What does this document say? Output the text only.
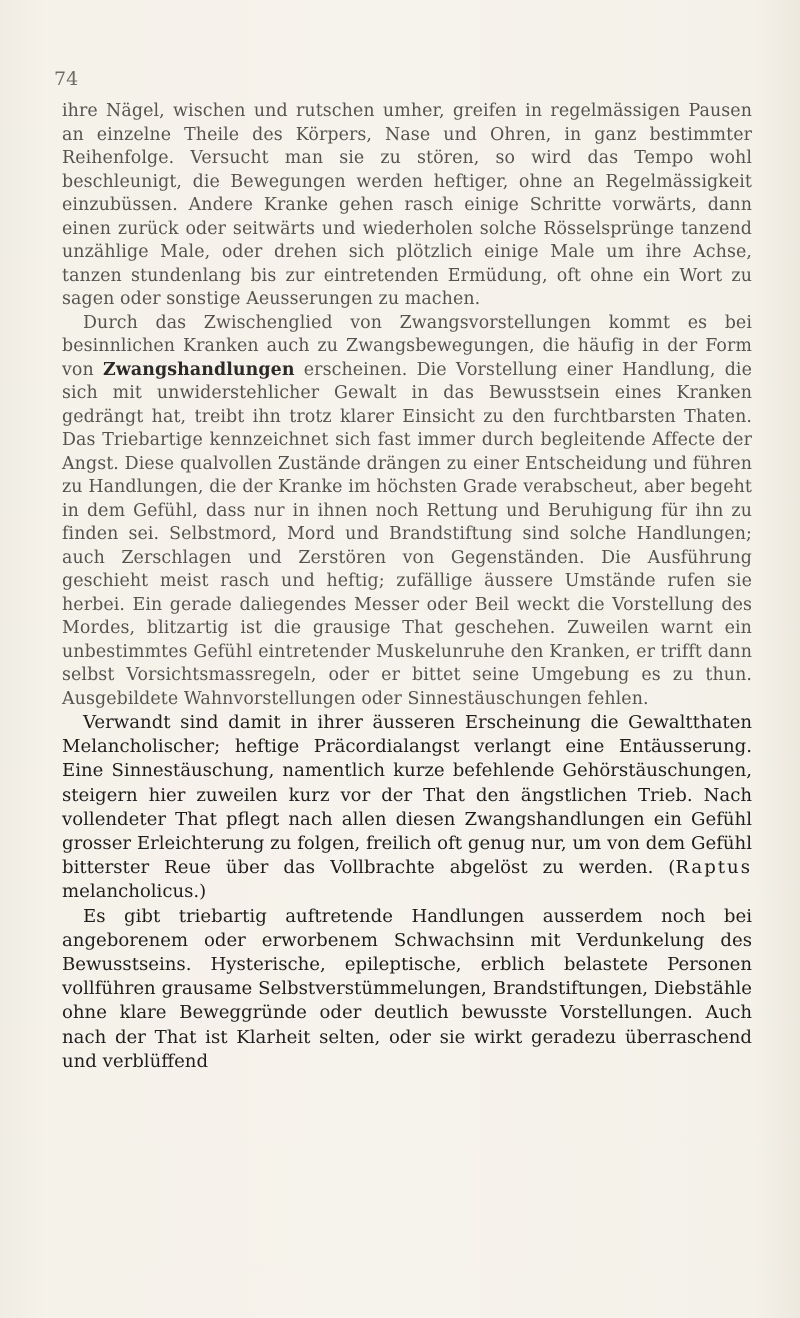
74

ihre Nägel, wischen und rutschen umher, greifen in regelmässigen Pausen an einzelne Theile des Körpers, Nase und Ohren, in ganz bestimmter Reihenfolge. Versucht man sie zu stören, so wird das Tempo wohl beschleunigt, die Bewegungen werden heftiger, ohne an Regelmässigkeit einzubüssen. Andere Kranke gehen rasch einige Schritte vorwärts, dann einen zurück oder seitwärts und wiederholen solche Rösselsprünge tanzend unzählige Male, oder drehen sich plötzlich einige Male um ihre Achse, tanzen stundenlang bis zur eintretenden Ermüdung, oft ohne ein Wort zu sagen oder sonstige Aeusserungen zu machen.

Durch das Zwischenglied von Zwangsvorstellungen kommt es bei besinnlichen Kranken auch zu Zwangsbewegungen, die häufig in der Form von Zwangshandlungen erscheinen. Die Vorstellung einer Handlung, die sich mit unwiderstehlicher Gewalt in das Bewusstsein eines Kranken gedrängt hat, treibt ihn trotz klarer Einsicht zu den furchtbarsten Thaten. Das Triebartige kennzeichnet sich fast immer durch begleitende Affecte der Angst. Diese qualvollen Zustände drängen zu einer Entscheidung und führen zu Handlungen, die der Kranke im höchsten Grade verabscheut, aber begeht in dem Gefühl, dass nur in ihnen noch Rettung und Beruhigung für ihn zu finden sei. Selbstmord, Mord und Brandstiftung sind solche Handlungen; auch Zerschlagen und Zerstören von Gegenständen. Die Ausführung geschieht meist rasch und heftig; zufällige äussere Umstände rufen sie herbei. Ein gerade daliegendes Messer oder Beil weckt die Vorstellung des Mordes, blitzartig ist die grausige That geschehen. Zuweilen warnt ein unbestimmtes Gefühl eintretender Muskelunruhe den Kranken, er trifft dann selbst Vorsichtsmassregeln, oder er bittet seine Umgebung es zu thun. Ausgebildete Wahnvorstellungen oder Sinnestäuschungen fehlen.

Verwandt sind damit in ihrer äusseren Erscheinung die Gewaltthaten Melancholischer; heftige Präcordialangst verlangt eine Entäusserung. Eine Sinnestäuschung, namentlich kurze befehlende Gehörstäuschungen, steigern hier zuweilen kurz vor der That den ängstlichen Trieb. Nach vollendeter That pflegt nach allen diesen Zwangshandlungen ein Gefühl grosser Erleichterung zu folgen, freilich oft genug nur, um von dem Gefühl bitterster Reue über das Vollbrachte abgelöst zu werden. (Raptus melancholicus.)

Es gibt triebartig auftretende Handlungen ausserdem noch bei angeborenem oder erworbenem Schwachsinn mit Verdunkelung des Bewusstseins. Hysterische, epileptische, erblich belastete Personen vollführen grausame Selbstverstümmelungen, Brandstiftungen, Diebstähle ohne klare Beweggründe oder deutlich bewusste Vorstellungen. Auch nach der That ist Klarheit selten, oder sie wirkt geradezu überraschend und verblüffend
